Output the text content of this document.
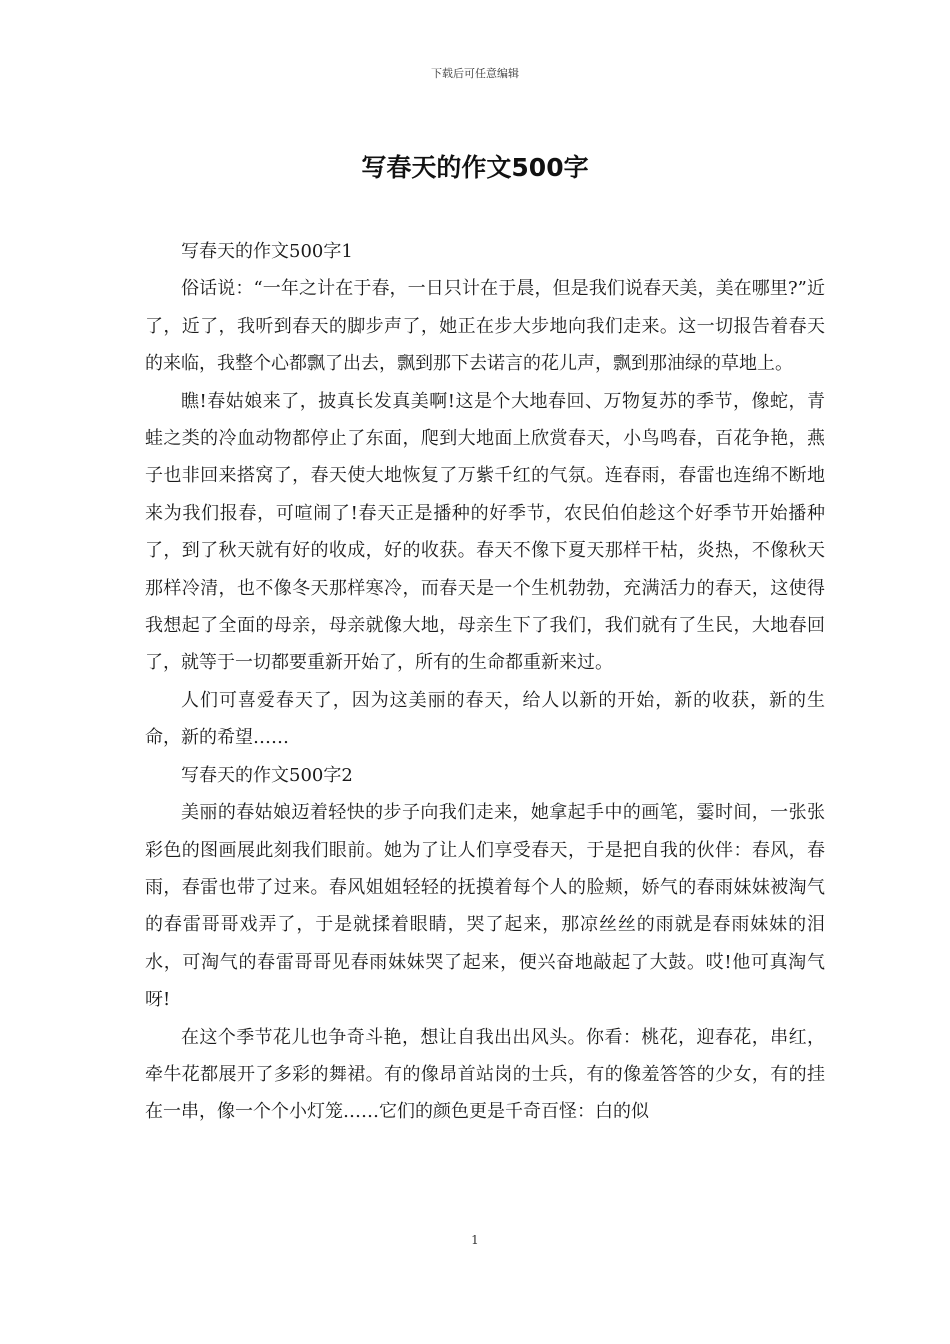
下载后可任意编辑
写春天的作文500字

写春天的作文500字1

俗话说：“一年之计在于春，一日只计在于晨，但是我们说春天美，美在哪里?”近了，近了，我听到春天的脚步声了，她正在步大步地向我们走来。这一切报告着春天的来临，我整个心都飘了出去，飘到那下去诺言的花儿声，飘到那油绿的草地上。

瞧!春姑娘来了，披真长发真美啊!这是个大地春回、万物复苏的季节，像蛇，青蛙之类的冷血动物都停止了东面，爬到大地面上欣赏春天，小鸟鸣春，百花争艳，燕子也非回来搭窝了，春天使大地恢复了万紫千红的气氛。连春雨，春雷也连绵不断地来为我们报春，可喧闹了!春天正是播种的好季节，农民伯伯趁这个好季节开始播种了，到了秋天就有好的收成，好的收获。春天不像下夏天那样干枯，炎热，不像秋天那样冷清，也不像冬天那样寒冷，而春天是一个生机勃勃，充满活力的春天，这使得我想起了全面的母亲，母亲就像大地，母亲生下了我们，我们就有了生民，大地春回了，就等于一切都要重新开始了，所有的生命都重新来过。

人们可喜爱春天了，因为这美丽的春天，给人以新的开始，新的收获，新的生命，新的希望……

写春天的作文500字2

美丽的春姑娘迈着轻快的步子向我们走来，她拿起手中的画笔，霎时间，一张张彩色的图画展此刻我们眼前。她为了让人们享受春天，于是把自我的伙伴：春风，春雨，春雷也带了过来。春风姐姐轻轻的抚摸着每个人的脸颊，娇气的春雨妹妹被淘气的春雷哥哥戏弄了，于是就揉着眼睛，哭了起来，那凉丝丝的雨就是春雨妹妹的泪水，可淘气的春雷哥哥见春雨妹妹哭了起来，便兴奋地敲起了大鼓。哎!他可真淘气呀!

在这个季节花儿也争奇斗艳，想让自我出出风头。你看：桃花，迎春花，串红，牵牛花都展开了多彩的舞裙。有的像昂首站岗的士兵，有的像羞答答的少女，有的挂在一串，像一个个小灯笼……它们的颜色更是千奇百怪：白的似

1
